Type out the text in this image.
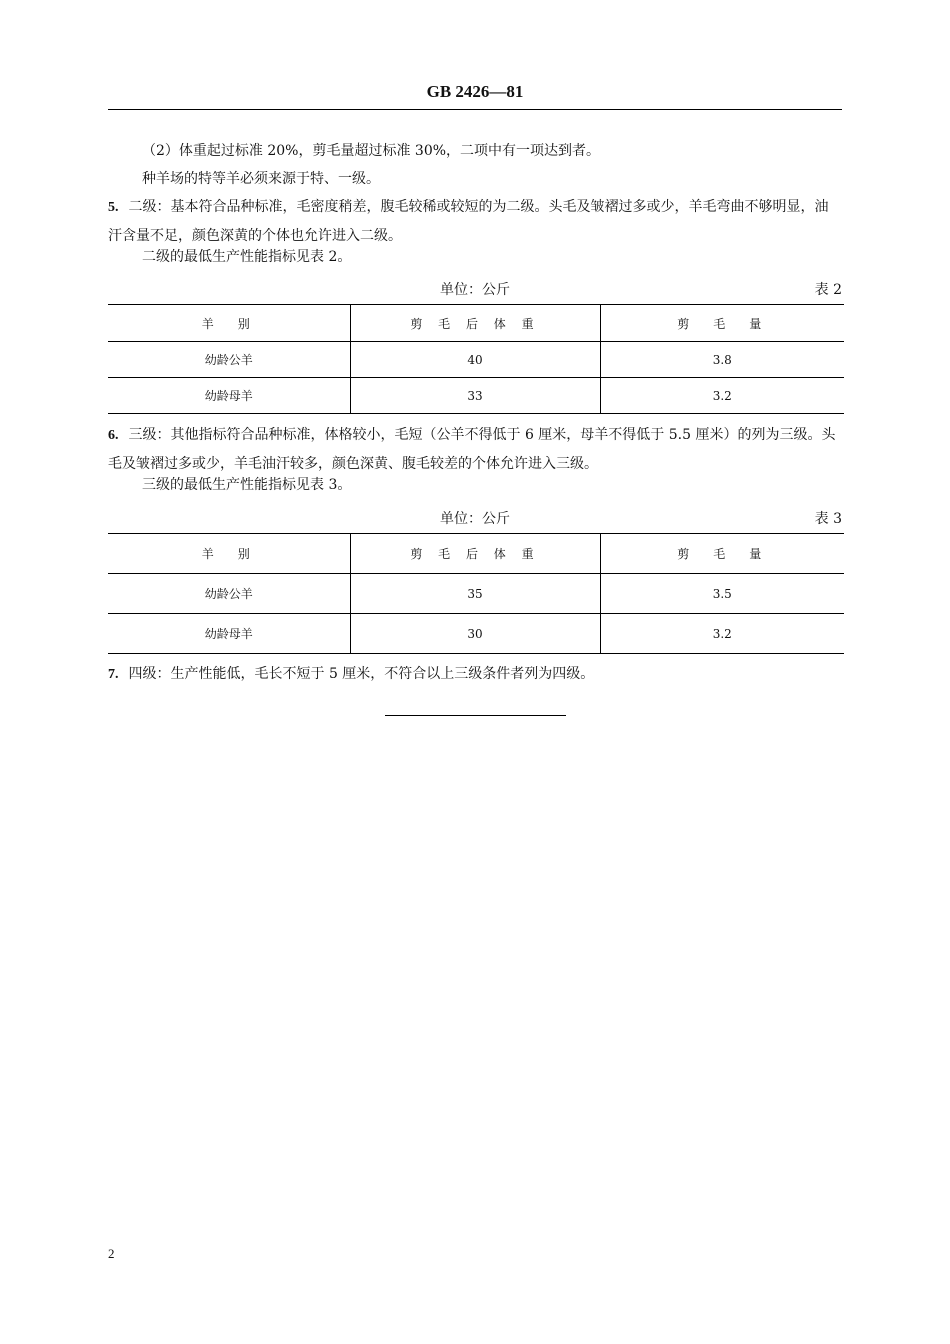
GB 2426—81
（2）体重起过标准 20%，剪毛量超过标准 30%，二项中有一项达到者。
种羊场的特等羊必须来源于特、一级。
5. 二级：基本符合品种标准，毛密度稍差，腹毛较稀或较短的为二级。头毛及皱褶过多或少，羊毛弯曲不够明显，油汗含量不足，颜色深黄的个体也允许进入二级。
二级的最低生产性能指标见表 2。
单位：公斤	表 2
羊　别	剪 毛 后 体 重	剪　毛　量
幼龄公羊	40	3.8
幼龄母羊	33	3.2
6. 三级：其他指标符合品种标准，体格较小，毛短（公羊不得低于 6 厘米，母羊不得低于 5.5 厘米）的列为三级。头毛及皱褶过多或少，羊毛油汗较多，颜色深黄、腹毛较差的个体允许进入三级。
三级的最低生产性能指标见表 3。
单位：公斤	表 3
羊　别	剪 毛 后 体 重	剪　毛　量
幼龄公羊	35	3.5
幼龄母羊	30	3.2
7. 四级：生产性能低，毛长不短于 5 厘米，不符合以上三级条件者列为四级。
2
